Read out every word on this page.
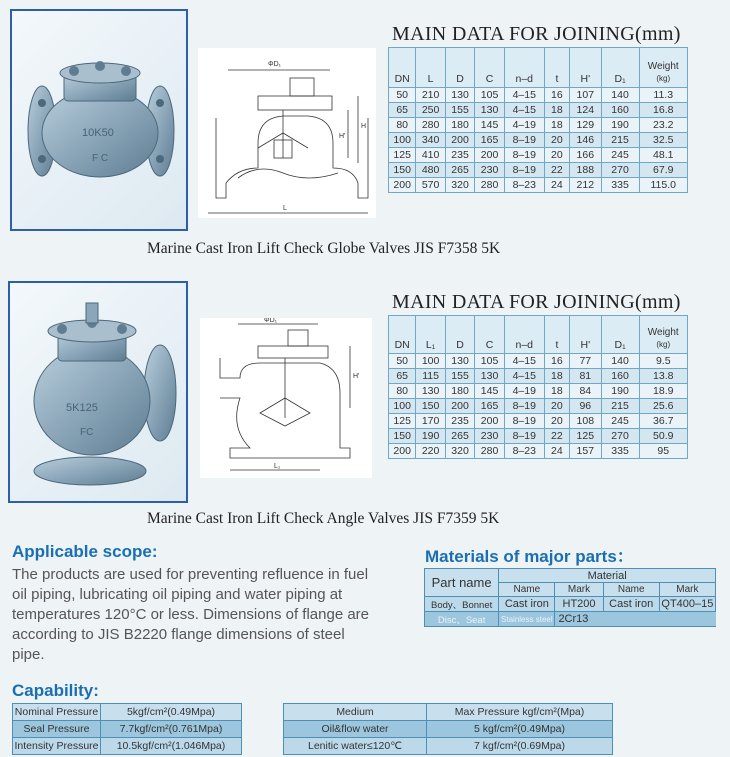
10K50
F C
ΦD₁
L
H
H'
MAIN DATA FOR JOINING(mm)
DN	L	D	C	n–d	t	H'	D₁	Weight
(kg)

50	210	130	105	4–15	16	107	140	11.3
65	250	155	130	4–15	18	124	160	16.8
80	280	180	145	4–19	18	129	190	23.2
100	340	200	165	8–19	20	146	215	32.5
125	410	235	200	8–19	20	166	245	48.1
150	480	265	230	8–19	22	188	270	67.9
200	570	320	280	8–23	24	212	335	115.0
Marine Cast Iron Lift Check Globe Valves JIS F7358 5K
5K125
FC
ΦD₁
L₁
H'
MAIN DATA FOR JOINING(mm)
DN	L₁	D	C	n–d	t	H'	D₁	Weight
(kg)

50	100	130	105	4–15	16	77	140	9.5
65	115	155	130	4–15	18	81	160	13.8
80	130	180	145	4–19	18	84	190	18.9
100	150	200	165	8–19	20	96	215	25.6
125	170	235	200	8–19	20	108	245	36.7
150	190	265	230	8–19	22	125	270	50.9
200	220	320	280	8–23	24	157	335	95
Marine Cast Iron Lift Check Angle Valves JIS F7359 5K
Applicable scope:
The products are used for preventing refluence in fuel
oil piping, lubricating oil piping and water piping at
temperatures 120°C or less. Dimensions of flange are
according to JIS B2220 flange dimensions of steel
pipe.
Materials of major parts：
Part name	Material			
	Name	Mark	Name	Mark
Body、Bonnet	Cast iron	HT200	Cast iron	QT400–15
Disc、Seat	Stainless steel	2Cr13		
Capability:
Nominal Pressure	5kgf/cm²(0.49Mpa)
Seal Pressure	7.7kgf/cm²(0.761Mpa)
Intensity Pressure	10.5kgf/cm²(1.046Mpa)
Medium	Max Pressure kgf/cm²(Mpa)
Oil&flow water	5 kgf/cm²(0.49Mpa)
Lenitic water≤120℃	7 kgf/cm²(0.69Mpa)
